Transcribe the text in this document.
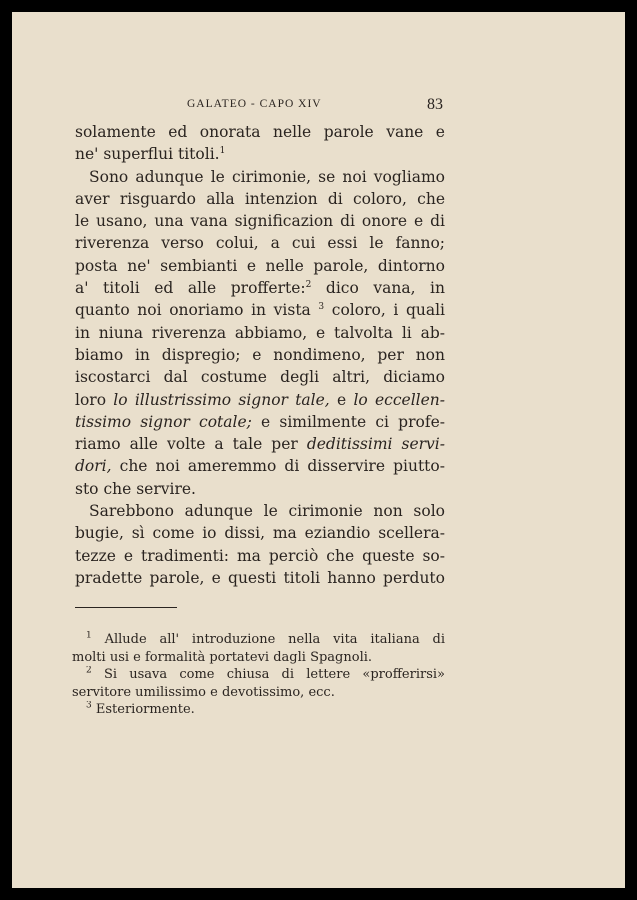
GALATEO - CAPO XIV	83
solamente ed onorata nelle parole vane e
ne' superflui titoli.$^1$
Sono adunque le cirimonie, se noi vogliamo
aver risguardo alla intenzion di coloro, che
le usano, una vana significazion di onore e di
riverenza verso colui, a cui essi le fanno;
posta ne' sembianti e nelle parole, dintorno
a' titoli ed alle profferte:$^2$ dico vana, in
quanto noi onoriamo in vista $^3$ coloro, i quali
in niuna riverenza abbiamo, e talvolta li ab-
biamo in dispregio; e nondimeno, per non
iscostarci dal costume degli altri, diciamo
loro lo illustrissimo signor tale, e lo eccellen-
tissimo signor cotale; e similmente ci profe-
riamo alle volte a tale per deditissimi servi-
dori, che noi ameremmo di disservire piutto-
sto che servire.
Sarebbono adunque le cirimonie non solo
bugie, sì come io dissi, ma eziandio scellera-
tezze e tradimenti: ma perciò che queste so-
pradette parole, e questi titoli hanno perduto
$^1$ Allude all' introduzione nella vita italiana di
molti usi e formalità portatevi dagli Spagnoli.
$^2$ Si usava come chiusa di lettere «profferirsi»
servitore umilissimo e devotissimo, ecc.
$^3$ Esteriormente.
